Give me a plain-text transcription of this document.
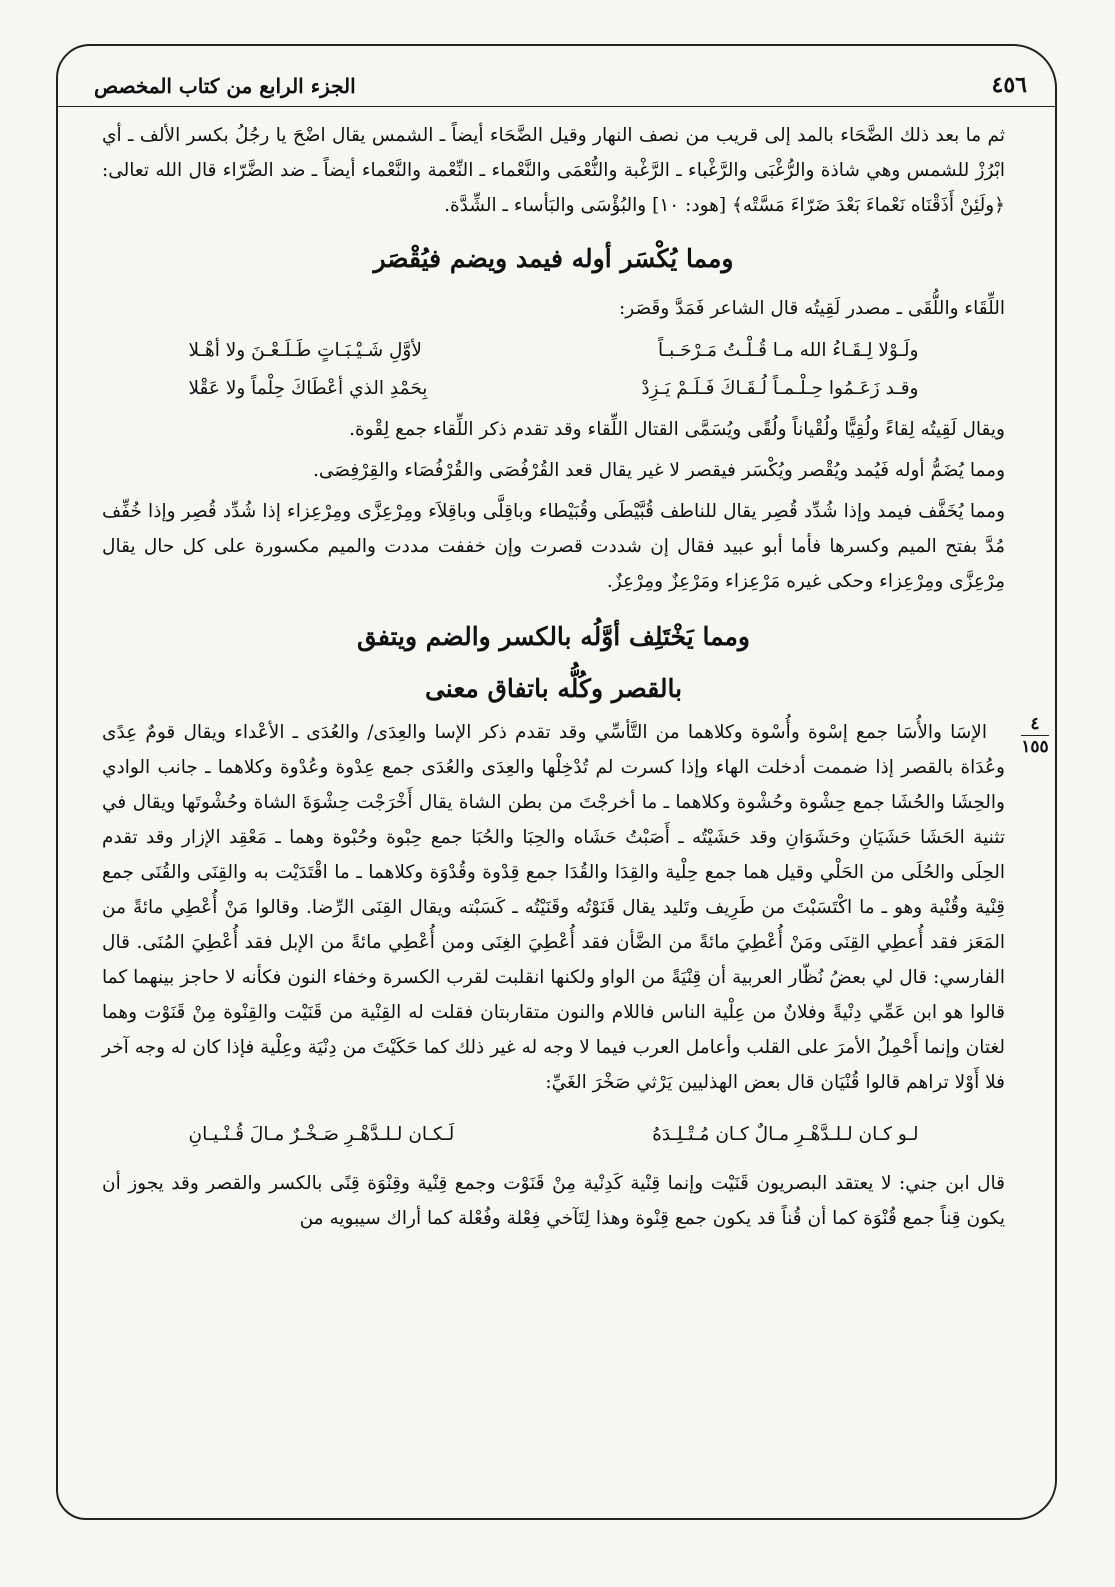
٤٥٦
الجزء الرابع من كتاب المخصص

ثم ما بعد ذلك الضَّحَاء بالمد إلى قريب من نصف النهار وقيل الضَّحَاء أيضاً ـ الشمس يقال اضْحَ يا رجُلُ بكسر الألف ـ أي ابْرُزْ للشمس وهي شاذة والرُّغْبَى والرَّغْباء ـ الرَّغْبة والنُّعْمَى والنَّعْماء ـ النِّعْمة والنَّعْماء أيضاً ـ ضد الضَّرّاء قال الله تعالى: ﴿ولَئِنْ أَذَقْنَاه نَعْماءَ بَعْدَ ضَرّاءَ مَسَّتْه﴾ [هود: ١٠] والبُؤْسَى والبَأساء ـ الشِّدَّة.

ومما يُكْسَر أوله فيمد ويضم فيُقْصَر

اللِّقَاء واللُّقَى ـ مصدر لَقِيتُه قال الشاعر فَمَدَّ وقَصَر:

ولَـوْلا لِـقَـاءُ الله مـا قُـلْـتُ مَـرْحَـبـاً
لأوَّلِ شَـيْـبَـاتٍ طَـلَـعْـنَ ولا أهْـلا
وقـد زَعَـمُوا حِـلْـمـاً لُـقَـاكَ فَـلَـمْ يَـزِدْ
بِحَمْدِ الذي أعْطَاكَ حِلْماً ولا عَقْلا

ويقال لَقِيتُه لِقاءً ولُقِيًّا ولُقْياناً ولُقًى ويُسَمَّى القتال اللِّقاء وقد تقدم ذكر اللِّقاء جمع لِقْوة.

ومما يُضَمُّ أوله فَيُمد ويُقْصر ويُكْسَر فيقصر لا غير يقال قعد القُرْفُصَى والقُرْفُصَاء والقِرْفِصَى.

ومما يُخَفَّف فيمد وإذا شُدِّد قُصِر يقال للناطف قُبَّيْطَى وقُبَيْطاء وباقِلَّى وباقِلاَء ومِرْعِزَّى ومِرْعِزاء إذا شُدِّد قُصِر وإذا خُفِّف مُدَّ بفتح الميم وكسرها فأما أبو عبيد فقال إن شددت قصرت وإن خففت مددت والميم مكسورة على كل حال يقال مِرْعِزَّى ومِرْعِزاء وحكى غيره مَرْعِزاء ومَرْعِزٌ ومِرْعِزٌ.

ومما يَخْتَلِف أوَّلُه بالكسر والضم ويتفق
بالقصر وكُلُّه باتفاق معنى
٤
١٥٥

الإسَا والأُسَا جمع إسْوة وأُسْوة وكلاهما من التَّأسِّي وقد تقدم ذكر الإسا والعِدَى/ والعُدَى ـ الأعْداء ويقال قومٌ عِدًى وعُدَاة بالقصر إذا ضممت أدخلت الهاء وإذا كسرت لم تُدْخِلْها والعِدَى والعُدَى جمع عِدْوة وعُدْوة وكلاهما ـ جانب الوادي والحِشَا والحُشَا جمع حِشْوة وحُشْوة وكلاهما ـ ما أخرجْتَ من بطن الشاة يقال أَخْرَجْت حِشْوَةَ الشاة وحُشْوتَها ويقال في تثنية الحَشَا حَشَيَانِ وحَشَوَانِ وقد حَشَيْتُه ـ أَصَبْتُ حَشَاه والحِبَا والحُبَا جمع حِبْوة وحُبْوة وهما ـ مَعْقِد الإزار وقد تقدم الحِلَى والحُلَى من الحَلْي وقيل هما جمع حِلْية والقِدَا والقُدَا جمع قِدْوة وقُدْوَة وكلاهما ـ ما اقْتَدَيْت به والقِنَى والقُنَى جمع قِنْية وقُنْية وهو ـ ما اكْتَسَبْتَ من طَرِيف وتَليد يقال قَنَوْتُه وقَنَيْتُه ـ كَسَبْته ويقال القِنَى الرِّضا. وقالوا مَنْ أُعْطِي مائةً من المَعَز فقد أُعطِي القِنَى ومَنْ أُعْطِيَ مائةً من الضَّأن فقد أُعْطِيَ الغِنَى ومن أُعْطِي مائةً من الإبل فقد أُعْطِيَ المُنَى. قال الفارسي: قال لي بعضُ نُظّار العربية أن قِنْيَةً من الواو ولكنها انقلبت لقرب الكسرة وخفاء النون فكأنه لا حاجز بينهما كما قالوا هو ابن عَمِّي دِنْيةً وفلانٌ من عِلْية الناس فاللام والنون متقاربتان فقلت له القِنْية من قَنَيْت والقِنْوة مِنْ قَنَوْت وهما لغتان وإنما أَحْمِلُ الأمرَ على القلب وأعامل العرب فيما لا وجه له غير ذلك كما حَكَيْتَ من دِنْيَة وعِلْية فإذا كان له وجه آخر فلا أَوْلا تراهم قالوا قُنْيَان قال بعض الهذليين يَرْثي صَخْرَ الغَيِّ:

لـو كـان لـلـدَّهْـرِ مـالٌ كـان مُـتْـلِـدَهُ
لَـكـان لـلـدَّهْـرِ صَـخْـرٌ مـالَ قُـنْـيـانِ

قال ابن جني: لا يعتقد البصريون قَنَيْت وإنما قِنْية كَدِنْية مِنْ قَنَوْت وجمع قِنْية وقِنْوَة قِنًى بالكسر والقصر وقد يجوز أن يكون قِناً جمع قُنْوَة كما أن قُناً قد يكون جمع قِنْوة وهذا لِتَآخي فِعْلة وفُعْلة كما أراك سيبويه من
